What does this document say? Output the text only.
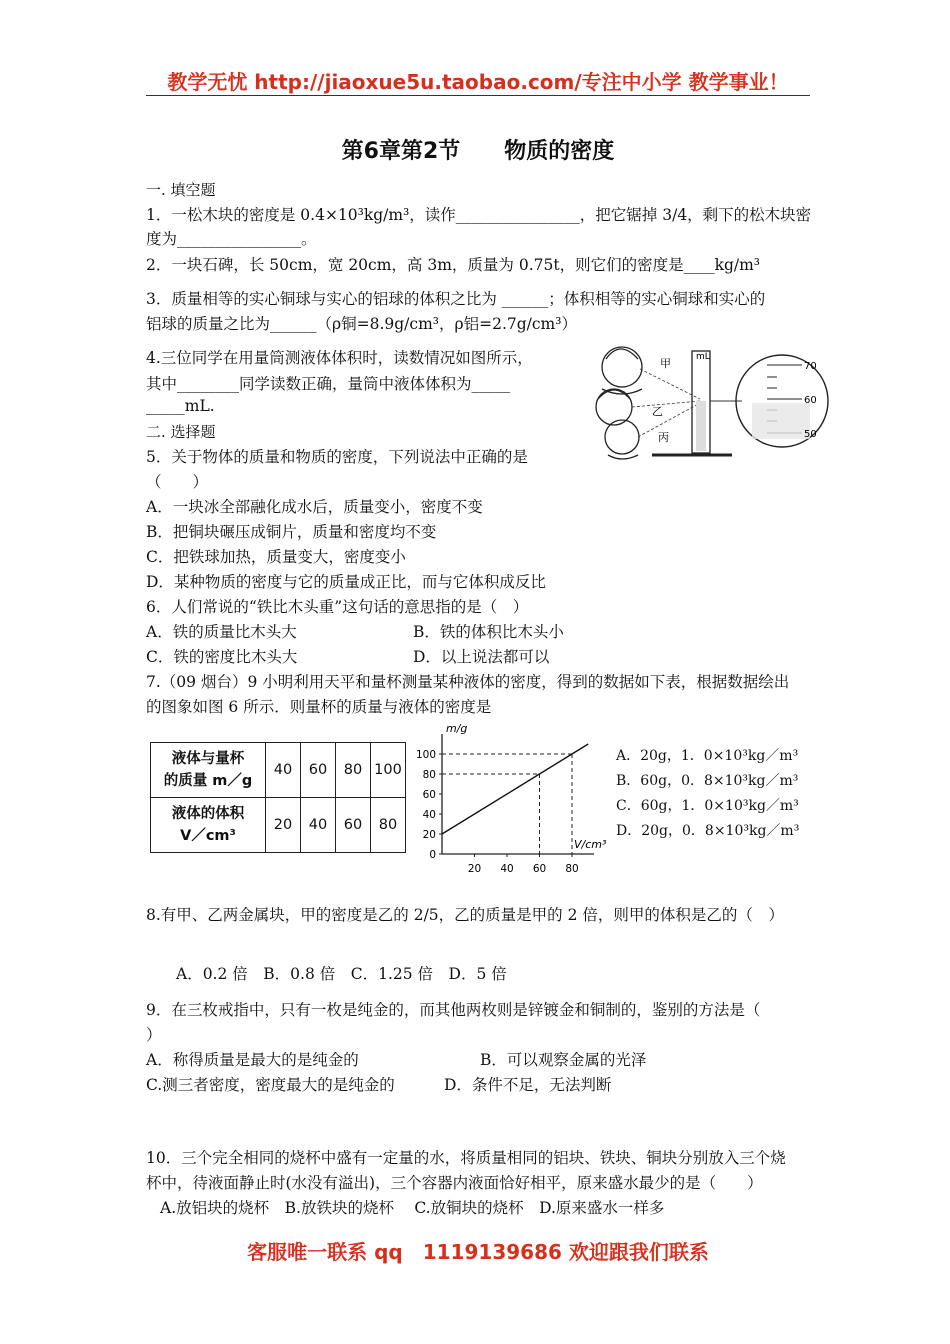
教学无忧 http://jiaoxue5u.taobao.com/专注中小学 教学事业！
第6章第2节 物质的密度
一. 填空题
1．一松木块的密度是 0.4×10³kg/m³，读作________________，把它锯掉 3/4，剩下的松木块密
度为________________。
2．一块石碑，长 50cm，宽 20cm，高 3m，质量为 0.75t，则它们的密度是____kg/m³
3．质量相等的实心铜球与实心的铝球的体积之比为 ______；体积相等的实心铜球和实心的
铝球的质量之比为______（ρ铜=8.9g/cm³，ρ铝=2.7g/cm³）
4.三位同学在用量筒测液体体积时，读数情况如图所示，
其中________同学读数正确，量筒中液体体积为_____
_____mL.
甲
乙
丙
mL
70
60
50
二. 选择题
5．关于物体的质量和物质的密度，下列说法中正确的是
（　　）
A．一块冰全部融化成水后，质量变小，密度不变
B．把铜块碾压成铜片，质量和密度均不变
C．把铁球加热，质量变大，密度变小
D．某种物质的密度与它的质量成正比，而与它体积成反比
6．人们常说的“铁比木头重”这句话的意思指的是（　）
A．铁的质量比木头大	B．铁的体积比木头小
C．铁的密度比木头大	D．以上说法都可以
7.（09 烟台）9 小明利用天平和量杯测量某种液体的密度，得到的数据如下表，根据数据绘出
的图象如图 6 所示．则量杯的质量与液体的密度是
液体与量杯
的质量 m／g	40	60	80	100

液体的体积
V／cm³	20	40	60	80
m/g
V/cm³
0
20
40
60
80
100
20 40 60 80
A．20g，1．0×10³kg／m³
B．60g，0．8×10³kg／m³
C．60g，1．0×10³kg／m³
D．20g，0．8×10³kg／m³
8.有甲、乙两金属块，甲的密度是乙的 2/5，乙的质量是甲的 2 倍，则甲的体积是乙的（　）
A．0.2 倍　B．0.8 倍　C．1.25 倍　D．5 倍
9．在三枚戒指中，只有一枚是纯金的，而其他两枚则是锌镀金和铜制的，鉴别的方法是（
）
A．称得质量是最大的是纯金的	B．可以观察金属的光泽
C.测三者密度，密度最大的是纯金的	D．条件不足，无法判断
10．三个完全相同的烧杯中盛有一定量的水，将质量相同的铝块、铁块、铜块分别放入三个烧
杯中，待液面静止时(水没有溢出)，三个容器内液面恰好相平，原来盛水最少的是（　　）
A.放铝块的烧杯　B.放铁块的烧杯　 C.放铜块的烧杯　D.原来盛水一样多
客服唯一联系 qq　1119139686 欢迎跟我们联系
